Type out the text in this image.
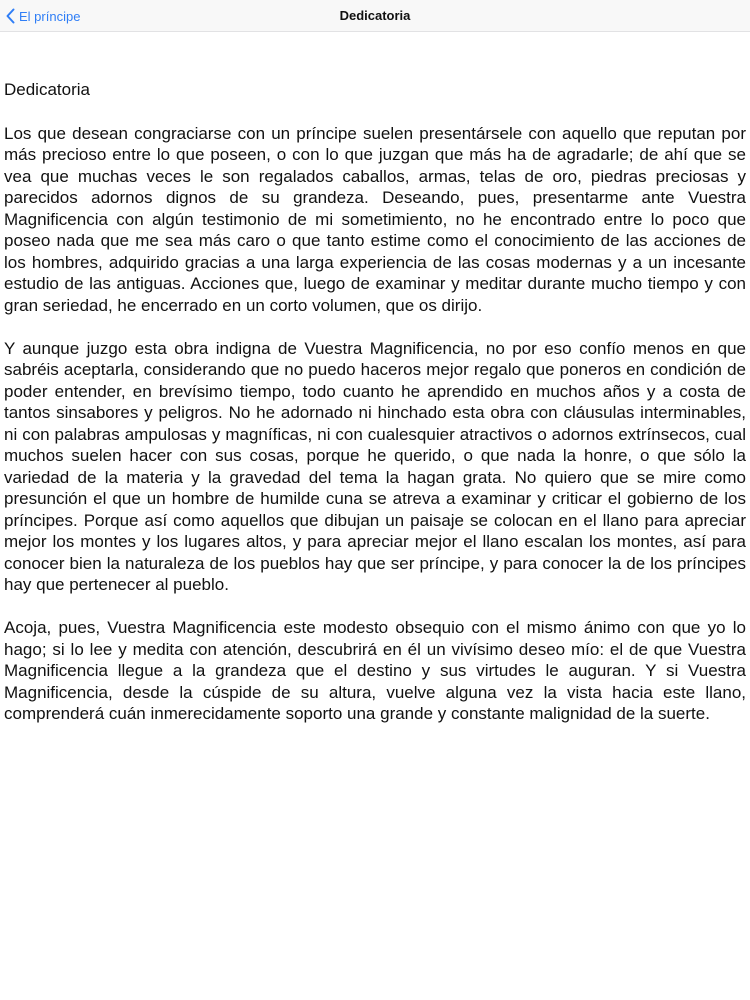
El príncipe	Dedicatoria
Dedicatoria

Los que desean congraciarse con un príncipe suelen presentársele con aquello que reputan por más precioso entre lo que poseen, o con lo que juzgan que más ha de agradarle; de ahí que se vea que muchas veces le son regalados caballos, armas, telas de oro, piedras preciosas y parecidos adornos dignos de su grandeza. Deseando, pues, presentarme ante Vuestra Magnificencia con algún testimonio de mi sometimiento, no he encontrado entre lo poco que poseo nada que me sea más caro o que tanto estime como el conocimiento de las acciones de los hombres, adquirido gracias a una larga experiencia de las cosas modernas y a un incesante estudio de las antiguas. Acciones que, luego de examinar y meditar durante mucho tiempo y con gran seriedad, he encerrado en un corto volumen, que os dirijo.

Y aunque juzgo esta obra indigna de Vuestra Magnificencia, no por eso confío menos en que sabréis aceptarla, considerando que no puedo haceros mejor regalo que poneros en condición de poder entender, en brevísimo tiempo, todo cuanto he aprendido en muchos años y a costa de tantos sinsabores y peligros. No he adornado ni hinchado esta obra con cláusulas interminables, ni con palabras ampulosas y magníficas, ni con cualesquier atractivos o adornos extrínsecos, cual muchos suelen hacer con sus cosas, porque he querido, o que nada la honre, o que sólo la variedad de la materia y la gravedad del tema la hagan grata. No quiero que se mire como presunción el que un hombre de humilde cuna se atreva a examinar y criticar el gobierno de los príncipes. Porque así como aquellos que dibujan un paisaje se colocan en el llano para apreciar mejor los montes y los lugares altos, y para apreciar mejor el llano escalan los montes, así para conocer bien la naturaleza de los pueblos hay que ser príncipe, y para conocer la de los príncipes hay que pertenecer al pueblo.

Acoja, pues, Vuestra Magnificencia este modesto obsequio con el mismo ánimo con que yo lo hago; si lo lee y medita con atención, descubrirá en él un vivísimo deseo mío: el de que Vuestra Magnificencia llegue a la grandeza que el destino y sus virtudes le auguran. Y si Vuestra Magnificencia, desde la cúspide de su altura, vuelve alguna vez la vista hacia este llano, comprenderá cuán inmerecidamente soporto una grande y constante malignidad de la suerte.
